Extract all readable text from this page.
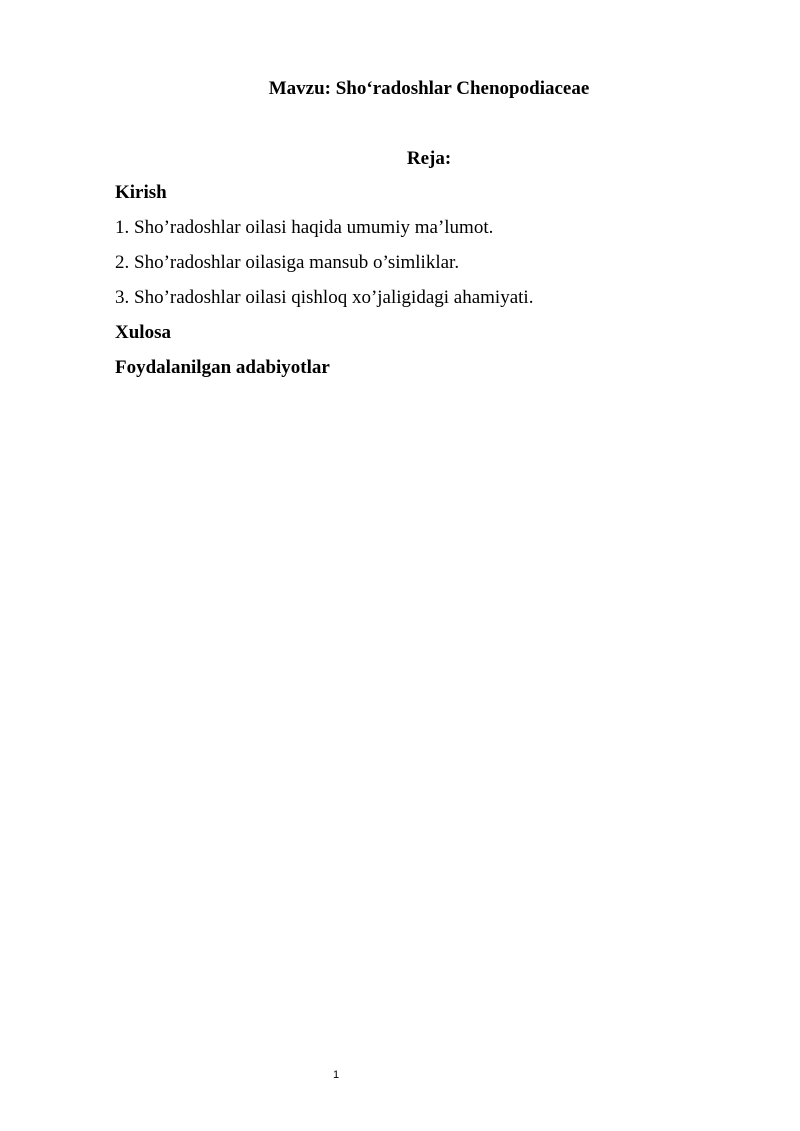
Mavzu: Sho‘radoshlar Chenopodiaceae
Reja:
Kirish
1. Sho’radoshlar oilasi haqida umumiy ma’lumot.
2. Sho’radoshlar oilasiga mansub o’simliklar.
3. Sho’radoshlar oilasi qishloq xo’jaligidagi ahamiyati.
Xulosa
Foydalanilgan adabiyotlar
1
